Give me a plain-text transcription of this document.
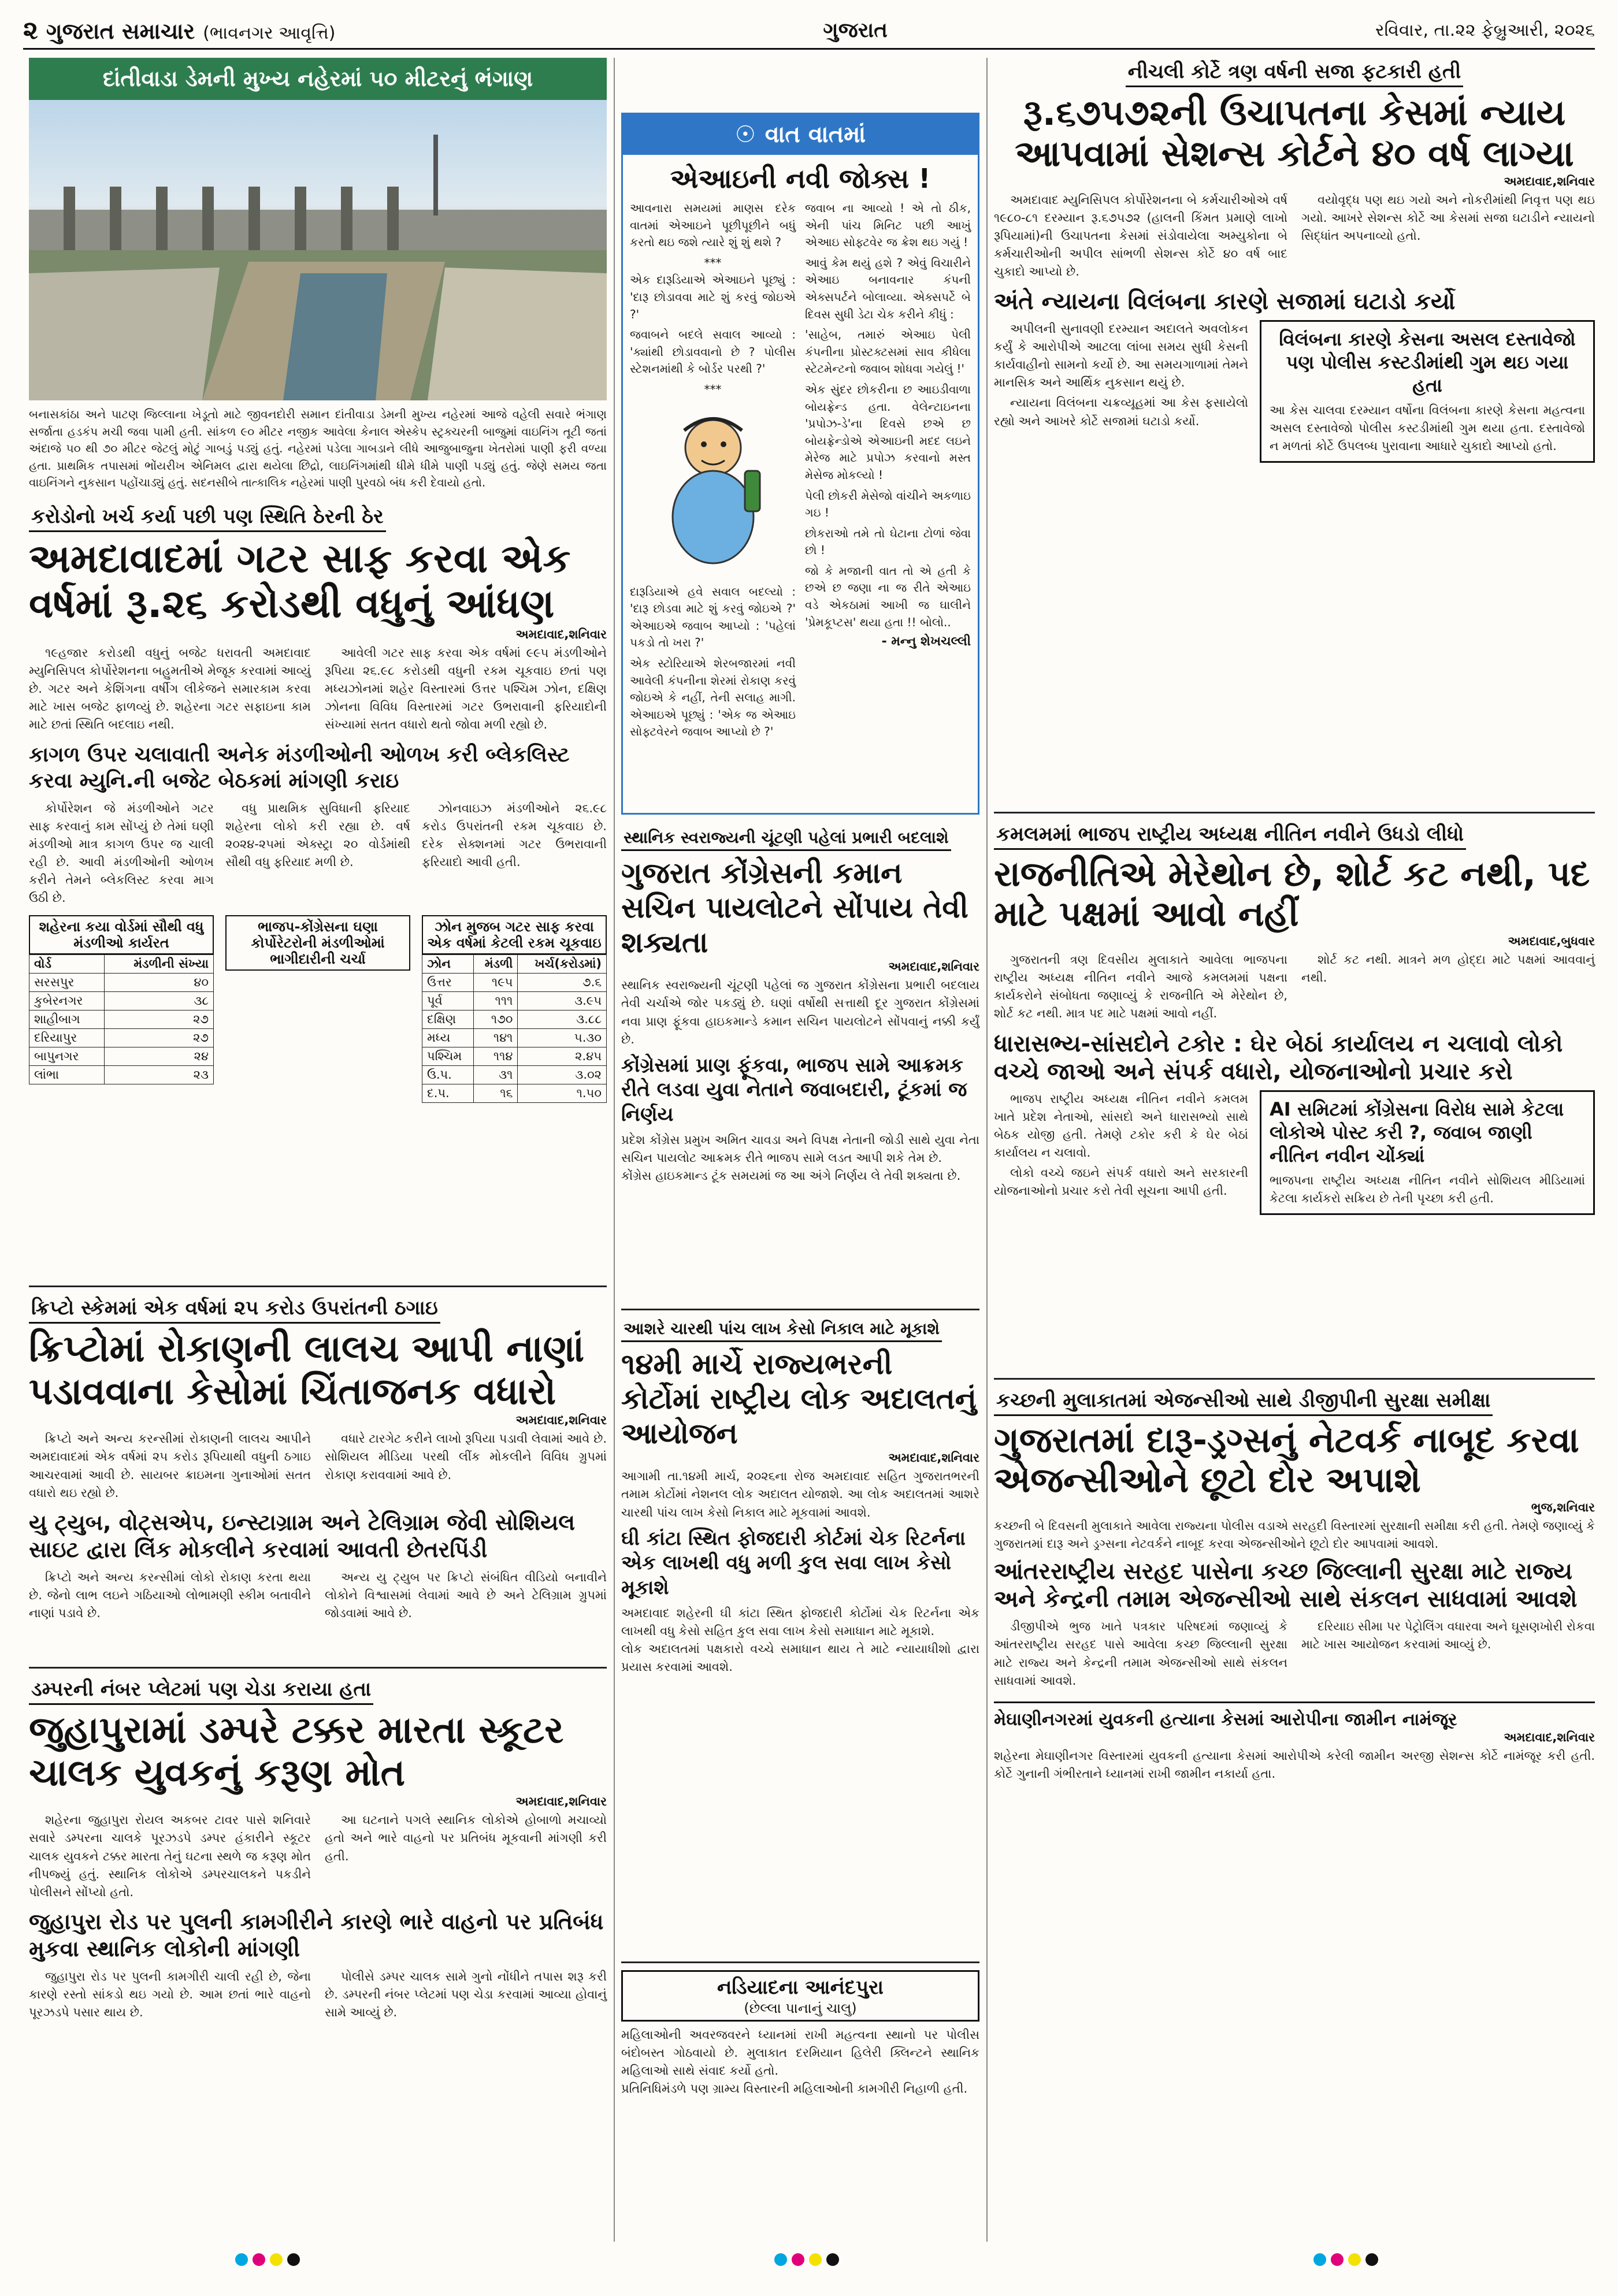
૨ ગુજરાત સમાચાર (ભાવનગર આવૃત્તિ)	ગુજરાત	રવિવાર, તા.૨૨ ફેબ્રુઆરી, ૨૦૨૬
દાંતીવાડા ડેમની મુખ્ય નહેરમાં ૫૦ મીટરનું ભંગાણ

બનાસકાંઠા અને પાટણ જિલ્લાના ખેડૂતો માટે જીવનદોરી સમાન દાંતીવાડા ડેમની મુખ્ય નહેરમાં આજે વહેલી સવારે ભંગાણ સર્જાતા હડકંપ મચી જવા પામી હતી. સાંકળ ૯૦ મીટર નજીક આવેલા કેનાલ એસ્કેપ સ્ટ્રક્ચરની બાજુમાં વાઇનિંગ તૂટી જતાં અંદાજે ૫૦ થી ૭૦ મીટર જેટલું મોટું ગાબડું પડ્યું હતું. નહેરમાં પડેલા ગાબડાને લીધે આજુબાજુના ખેતરોમાં પાણી ફરી વળ્યા હતા. પ્રાથમિક તપાસમાં ભોંયરીખ એનિમલ દ્વારા થયેલા છિદ્રો, લાઇનિંગમાંથી ધીમે ધીમે પાણી પડ્યું હતું. જેણે સમય જતા વાઇનિંગને નુકસાન પહોંચાડ્યું હતું. સદનસીબે તાત્કાલિક નહેરમાં પાણી પુરવઠો બંધ કરી દેવાયો હતો.

☉ વાત વાતમાં
એઆઇની નવી જોક્સ !

આવનારા સમયમાં માણસ દરેક વાતમાં એઆઇને પૂછીપૂછીને બધું કરતો થઇ જશે ત્યારે શું શું થશે ?

***

એક દારૂડિયાએ એઆઇને પૂછ્યું : 'દારૂ છોડાવવા માટે શું કરવું જોઇએ ?'

જવાબને બદલે સવાલ આવ્યો : 'ક્યાંથી છોડાવવાનો છે ? પોલીસ સ્ટેશનમાંથી કે બોર્ડર પરથી ?'

***

દારૂડિયાએ હવે સવાલ બદલ્યો : 'દારૂ છોડવા માટે શું કરવું જોઇએ ?' એઆઇએ જવાબ આપ્યો : 'પહેલાં પકડો તો ખરા ?'

એક સ્ટોરિયાએ શેરબજારમાં નવી આવેલી કંપનીના શેરમાં રોકાણ કરવું જોઇએ કે નહીં, તેની સલાહ માગી. એઆઇએ પૂછ્યું : 'એક જ એઆઇ સોફ્ટવેરને જવાબ આપ્યો છે ?'

જવાબ ના આવ્યો ! એ તો ઠીક, એની પાંચ મિનિટ પછી આખું એઆઇ સોફ્ટવેર જ ક્રેશ થઇ ગયું !

આવું કેમ થયું હશે ? એવું વિચારીને એઆઇ બનાવનાર કંપની એક્સપર્ટને બોલાવ્યા. એક્સપર્ટે બે દિવસ સુધી ડેટા ચેક કરીને કીધું :

'સાહેબ, તમારું એઆઇ પેલી કંપનીના પ્રોસ્ટક્ટસમાં સાવ કીધેલા સ્ટેટમેન્ટનો જવાબ શોધવા ગયેલું !'

એક સુંદર છોકરીના છ આઇડીવાળા બોયફ્રેન્ડ હતા. વેલેન્ટાઇનના 'પ્રપોઝ-ડે'ના દિવસે છએ છ બોયફ્રેન્ડોએ એઆઇની મદદ લઇને મેરેજ માટે પ્રપોઝ કરવાનો મસ્ત મેસેજ મોકલ્યો !

પેલી છોકરી મેસેજો વાંચીને અકળાઇ ગઇ !

છોકરાઓ તમે તો ઘેટાના ટોળાં જેવા છો !

જો કે મજાની વાત તો એ હતી કે છએ છ જણા ના જ રીતે એઆઇ વડે એકઠામાં આખી જ ઘાલીને 'પ્રેમકૂપ્ટસ' થયા હતા !! બોલો..

- મન્નુ શેખચલ્લી

કરોડોનો ખર્ચ કર્યા પછી પણ સ્થિતિ ઠેરની ઠેર
અમદાવાદમાં ગટર સાફ કરવા એક વર્ષમાં રૂ.૨૬ કરોડથી વધુનું આંધણ
અમદાવાદ,શનિવાર

૧૯હજાર કરોડથી વધુનું બજેટ ધરાવતી અમદાવાદ મ્યુનિસિપલ કોર્પોરેશનના બહુમતીએ મેજૂક કરવામાં આવ્યું છે. ગટર અને કેશિંગના વર્ષીગ લીકેજને સમારકામ કરવા માટે ખાસ બજેટ ફાળવ્યું છે. શહેરના ગટર સફાઇના કામ માટે છતાં સ્થિતિ બદલાઇ નથી.

આવેલી ગટર સાફ કરવા એક વર્ષમાં ૯૯૫ મંડળીઓને રૂપિયા ૨૬.૯૮ કરોડથી વધુની રકમ ચૂકવાઇ છતાં પણ મધ્યઝોનમાં શહેર વિસ્તારમાં ઉત્તર પશ્ચિમ ઝોન, દક્ષિણ ઝોનના વિવિધ વિસ્તારમાં ગટર ઉભરાવાની ફરિયાદોની સંખ્યામાં સતત વધારો થતો જોવા મળી રહ્યો છે.

કાગળ ઉપર ચલાવાતી અનેક મંડળીઓની ઓળખ કરી બ્લેકલિસ્ટ કરવા મ્યુનિ.ની બજેટ બેઠકમાં માંગણી કરાઇ

કોર્પોરેશન જે મંડળીઓને ગટર સાફ કરવાનું કામ સોંપ્યું છે તેમાં ઘણી મંડળીઓ માત્ર કાગળ ઉપર જ ચાલી રહી છે. આવી મંડળીઓની ઓળખ કરીને તેમને બ્લેકલિસ્ટ કરવા માગ ઉઠી છે.

વધુ પ્રાથમિક સુવિધાની ફરિયાદ શહેરના લોકો કરી રહ્યા છે. વર્ષ ૨૦૨૪-૨૫માં એક્સ્ટ્રા ૨૦ વોર્ડમાંથી સૌથી વધુ ફરિયાદ મળી છે.

ઝોનવાઇઝ મંડળીઓને ૨૬.૯૮ કરોડ ઉપરાંતની રકમ ચૂકવાઇ છે. દરેક સેક્શનમાં ગટર ઉભરાવાની ફરિયાદો આવી હતી.

શહેરના કયા વોર્ડમાં સૌથી વધુ મંડળીઓ કાર્યરત
વોર્ડ	મંડળીની સંખ્યા
સરસપુર	૪૦
કુબેરનગર	૩૮
શાહીબાગ	૨૭
દરિયાપુર	૨૭
બાપુનગર	૨૪
લાંભા	૨૩
ભાજપ-કોંગ્રેસના ઘણા કોર્પોરેટરોની મંડળીઓમાં ભાગીદારીની ચર્ચા
ઝોન મુજબ ગટર સાફ કરવા એક વર્ષમાં કેટલી રકમ ચૂકવાઇ
ઝોન	મંડળી	ખર્ચ(કરોડમાં)
ઉત્તર	૧૯૫	૭.૬
પૂર્વ	૧૧૧	૩.૯૫
દક્ષિણ	૧૭૦	૩.૮૮
મધ્ય	૧૪૧	૫.૩૦
પશ્ચિમ	૧૧૪	૨.૪૫
ઉ.પ.	૩૧	૩.૦૨
દ.પ.	૧૬	૧.૫૦
ક્રિપ્ટો સ્કેમમાં એક વર્ષમાં ૨૫ કરોડ ઉપરાંતની ઠગાઇ
ક્રિપ્ટોમાં રોકાણની લાલચ આપી નાણાં પડાવવાના કેસોમાં ચિંતાજનક વધારો
અમદાવાદ,શનિવાર

ક્રિપ્ટો અને અન્ય કરન્સીમાં રોકાણની લાલચ આપીને અમદાવાદમાં એક વર્ષમાં ૨૫ કરોડ રૂપિયાથી વધુની ઠગાઇ આચરવામાં આવી છે. સાયબર ક્રાઇમના ગુનાઓમાં સતત વધારો થઇ રહ્યો છે.

વધારે ટારગેટ કરીને લાખો રૂપિયા પડાવી લેવામાં આવે છે. સોશિયલ મીડિયા પરથી લીંક મોકલીને વિવિધ ગ્રુપમાં રોકાણ કરાવવામાં આવે છે.

યુ ટ્યુબ, વોટ્સએપ, ઇન્સ્ટાગ્રામ અને ટેલિગ્રામ જેવી સોશિયલ સાઇટ દ્વારા લિંક મોકલીને કરવામાં આવતી છેતરપિંડી

ક્રિપ્ટો અને અન્ય કરન્સીમાં લોકો રોકાણ કરતા થયા છે. જેનો લાભ લઇને ગઠિયાઓ લોભામણી સ્કીમ બતાવીને નાણાં પડાવે છે.

અન્ય યુ ટ્યુબ પર ક્રિપ્ટો સંબંધિત વીડિયો બનાવીને લોકોને વિશ્વાસમાં લેવામાં આવે છે અને ટેલિગ્રામ ગ્રુપમાં જોડવામાં આવે છે.

ડમ્પરની નંબર પ્લેટમાં પણ ચેડા કરાયા હતા
જુહાપુરામાં ડમ્પરે ટક્કર મારતા સ્કૂટર ચાલક યુવકનું કરૂણ મોત
અમદાવાદ,શનિવાર

શહેરના જુહાપુરા રોયલ અકબર ટાવર પાસે શનિવારે સવારે ડમ્પરના ચાલકે પૂરઝડપે ડમ્પર હંકારીને સ્કૂટર ચાલક યુવકને ટક્કર મારતા તેનું ઘટના સ્થળે જ કરૂણ મોત નીપજ્યું હતું. સ્થાનિક લોકોએ ડમ્પરચાલકને પકડીને પોલીસને સોંપ્યો હતો.

આ ઘટનાને પગલે સ્થાનિક લોકોએ હોબાળો મચાવ્યો હતો અને ભારે વાહનો પર પ્રતિબંધ મૂકવાની માંગણી કરી હતી.

જુહાપુરા રોડ પર પુલની કામગીરીને કારણે ભારે વાહનો પર પ્રતિબંધ મુકવા સ્થાનિક લોકોની માંગણી

જુહાપુરા રોડ પર પુલની કામગીરી ચાલી રહી છે, જેના કારણે રસ્તો સાંકડો થઇ ગયો છે. આમ છતાં ભારે વાહનો પૂરઝડપે પસાર થાય છે.

પોલીસે ડમ્પર ચાલક સામે ગુનો નોંધીને તપાસ શરૂ કરી છે. ડમ્પરની નંબર પ્લેટમાં પણ ચેડા કરવામાં આવ્યા હોવાનું સામે આવ્યું છે.

નીચલી કોર્ટે ત્રણ વર્ષની સજા ફટકારી હતી
રૂ.૬૭૫૭૨ની ઉચાપતના કેસમાં ન્યાય આપવામાં સેશન્સ કોર્ટને ૪૦ વર્ષ લાગ્યા
અમદાવાદ,શનિવાર

અમદાવાદ મ્યુનિસિપલ કોર્પોરેશનના બે કર્મચારીઓએ વર્ષ ૧૯૮૦-૮૧ દરમ્યાન રૂ.૬૭૫૭૨ (હાલની કિંમત પ્રમાણે લાખો રૂપિયામાં)ની ઉચાપતના કેસમાં સંડોવાયેલા અમ્યુકોના બે કર્મચારીઓની અપીલ સાંભળી સેશન્સ કોર્ટે ૪૦ વર્ષ બાદ ચુકાદો આપ્યો છે.

વયોવૃદ્ધ પણ થઇ ગયો અને નોકરીમાંથી નિવૃત્ત પણ થઇ ગયો. આખરે સેશન્સ કોર્ટે આ કેસમાં સજા ઘટાડીને ન્યાયનો સિદ્ધાંત અપનાવ્યો હતો.

અંતે ન્યાયના વિલંબના કારણે સજામાં ઘટાડો કર્યો

અપીલની સુનાવણી દરમ્યાન અદાલતે અવલોકન કર્યું કે આરોપીએ આટલા લાંબા સમય સુધી કેસની કાર્યવાહીનો સામનો કર્યો છે. આ સમયગાળામાં તેમને માનસિક અને આર્થિક નુકસાન થયું છે.

ન્યાયના વિલંબના ચક્રવ્યૂહમાં આ કેસ ફસાયેલો રહ્યો અને આખરે કોર્ટે સજામાં ઘટાડો કર્યો.

વિલંબના કારણે કેસના અસલ દસ્તાવેજો પણ પોલીસ કસ્ટડીમાંથી ગુમ થઇ ગયા હતા

આ કેસ ચાલવા દરમ્યાન વર્ષોના વિલંબના કારણે કેસના મહત્વના અસલ દસ્તાવેજો પોલીસ કસ્ટડીમાંથી ગુમ થયા હતા. દસ્તાવેજો ન મળતાં કોર્ટે ઉપલબ્ધ પુરાવાના આધારે ચુકાદો આપ્યો હતો.

કમલમમાં ભાજપ રાષ્ટ્રીય અધ્યક્ષ નીતિન નવીને ઉધડો લીધો
રાજનીતિએ મેરેથોન છે, શોર્ટ કટ નથી, પદ માટે પક્ષમાં આવો નહીં
અમદાવાદ,બુધવાર

ગુજરાતની ત્રણ દિવસીય મુલાકાતે આવેલા ભાજપના રાષ્ટ્રીય અધ્યક્ષ નીતિન નવીને આજે કમલમમાં પક્ષના કાર્યકરોને સંબોધતા જણાવ્યું કે રાજનીતિ એ મેરેથોન છે, શોર્ટ કટ નથી. માત્ર પદ માટે પક્ષમાં આવો નહીં.

શોર્ટ કટ નથી. માત્રને મળ હોદ્દા માટે પક્ષમાં આવવાનું નથી.

ધારાસભ્ય-સાંસદોને ટકોર : ઘેર બેઠાં કાર્યાલય ન ચલાવો લોકો વચ્ચે જાઓ અને સંપર્ક વધારો, યોજનાઓનો પ્રચાર કરો

ભાજપ રાષ્ટ્રીય અધ્યક્ષ નીતિન નવીને કમલમ ખાતે પ્રદેશ નેતાઓ, સાંસદો અને ધારાસભ્યો સાથે બેઠક યોજી હતી. તેમણે ટકોર કરી કે ઘેર બેઠાં કાર્યાલય ન ચલાવો.

લોકો વચ્ચે જઇને સંપર્ક વધારો અને સરકારની યોજનાઓનો પ્રચાર કરો તેવી સૂચના આપી હતી.

AI સમિટમાં કોંગ્રેસના વિરોધ સામે કેટલા લોકોએ પોસ્ટ કરી ?, જવાબ જાણી નીતિન નવીન ચોંક્યાં

ભાજપના રાષ્ટ્રીય અધ્યક્ષ નીતિન નવીને સોશિયલ મીડિયામાં કેટલા કાર્યકરો સક્રિય છે તેની પૃચ્છા કરી હતી.

સ્થાનિક સ્વરાજ્યની ચૂંટણી પહેલાં પ્રભારી બદલાશે
ગુજરાત કોંગ્રેસની કમાન સચિન પાયલોટને સોંપાય તેવી શક્યતા
અમદાવાદ,શનિવાર

સ્થાનિક સ્વરાજ્યની ચૂંટણી પહેલાં જ ગુજરાત કોંગ્રેસના પ્રભારી બદલાય તેવી ચર્ચાએ જોર પકડ્યું છે. ઘણાં વર્ષોથી સત્તાથી દૂર ગુજરાત કોંગ્રેસમાં નવા પ્રાણ ફૂંકવા હાઇકમાન્ડે કમાન સચિન પાયલોટને સોંપવાનું નક્કી કર્યું છે.

કોંગ્રેસમાં પ્રાણ ફૂંકવા, ભાજપ સામે આક્રમક રીતે લડવા યુવા નેતાને જવાબદારી, ટૂંકમાં જ નિર્ણય

પ્રદેશ કોંગ્રેસ પ્રમુખ અમિત ચાવડા અને વિપક્ષ નેતાની જોડી સાથે યુવા નેતા સચિન પાયલોટ આક્રમક રીતે ભાજપ સામે લડત આપી શકે તેમ છે.

કોંગ્રેસ હાઇકમાન્ડ ટૂંક સમયમાં જ આ અંગે નિર્ણય લે તેવી શક્યતા છે.

આશરે ચારથી પાંચ લાખ કેસો નિકાલ માટે મૂકાશે
૧૪મી માર્ચે રાજ્યભરની કોર્ટોમાં રાષ્ટ્રીય લોક અદાલતનું આયોજન
અમદાવાદ,શનિવાર

આગામી તા.૧૪મી માર્ચ, ૨૦૨૬ના રોજ અમદાવાદ સહિત ગુજરાતભરની તમામ કોર્ટોમાં નેશનલ લોક અદાલત યોજાશે. આ લોક અદાલતમાં આશરે ચારથી પાંચ લાખ કેસો નિકાલ માટે મૂકવામાં આવશે.

ઘી કાંટા સ્થિત ફોજદારી કોર્ટમાં ચેક રિટર્નના એક લાખથી વધુ મળી કુલ સવા લાખ કેસો મૂકાશે

અમદાવાદ શહેરની ઘી કાંટા સ્થિત ફોજદારી કોર્ટોમાં ચેક રિટર્નના એક લાખથી વધુ કેસો સહિત કુલ સવા લાખ કેસો સમાધાન માટે મૂકાશે.

લોક અદાલતમાં પક્ષકારો વચ્ચે સમાધાન થાય તે માટે ન્યાયાધીશો દ્વારા પ્રયાસ કરવામાં આવશે.

નડિયાદના આનંદપુરા
(છેલ્લા પાનાનું ચાલુ)

મહિલાઓની અવરજવરને ધ્યાનમાં રાખી મહત્વના સ્થાનો પર પોલીસ બંદોબસ્ત ગોઠવાયો છે. મુલાકાત દરમિયાન હિલેરી ક્લિન્ટને સ્થાનિક મહિલાઓ સાથે સંવાદ કર્યો હતો.

પ્રતિનિધિમંડળે પણ ગ્રામ્ય વિસ્તારની મહિલાઓની કામગીરી નિહાળી હતી.

કચ્છની મુલાકાતમાં એજન્સીઓ સાથે ડીજીપીની સુરક્ષા સમીક્ષા
ગુજરાતમાં દારૂ-ડ્રગ્સનું નેટવર્ક નાબૂદ કરવા એજન્સીઓને છૂટો દોર અપાશે
ભુજ,શનિવાર

કચ્છની બે દિવસની મુલાકાતે આવેલા રાજ્યના પોલીસ વડાએ સરહદી વિસ્તારમાં સુરક્ષાની સમીક્ષા કરી હતી. તેમણે જણાવ્યું કે ગુજરાતમાં દારૂ અને ડ્રગ્સના નેટવર્કને નાબૂદ કરવા એજન્સીઓને છૂટો દોર આપવામાં આવશે.

આંતરરાષ્ટ્રીય સરહદ પાસેના કચ્છ જિલ્લાની સુરક્ષા માટે રાજ્ય અને કેન્દ્રની તમામ એજન્સીઓ સાથે સંકલન સાધવામાં આવશે

ડીજીપીએ ભુજ ખાતે પત્રકાર પરિષદમાં જણાવ્યું કે આંતરરાષ્ટ્રીય સરહદ પાસે આવેલા કચ્છ જિલ્લાની સુરક્ષા માટે રાજ્ય અને કેન્દ્રની તમામ એજન્સીઓ સાથે સંકલન સાધવામાં આવશે.

દરિયાઇ સીમા પર પેટ્રોલિંગ વધારવા અને ઘૂસણખોરી રોકવા માટે ખાસ આયોજન કરવામાં આવ્યું છે.

મેઘાણીનગરમાં યુવકની હત્યાના કેસમાં આરોપીના જામીન નામંજૂર
અમદાવાદ,શનિવાર

શહેરના મેઘાણીનગર વિસ્તારમાં યુવકની હત્યાના કેસમાં આરોપીએ કરેલી જામીન અરજી સેશન્સ કોર્ટે નામંજૂર કરી હતી. કોર્ટે ગુનાની ગંભીરતાને ધ્યાનમાં રાખી જામીન નકાર્યા હતા.
